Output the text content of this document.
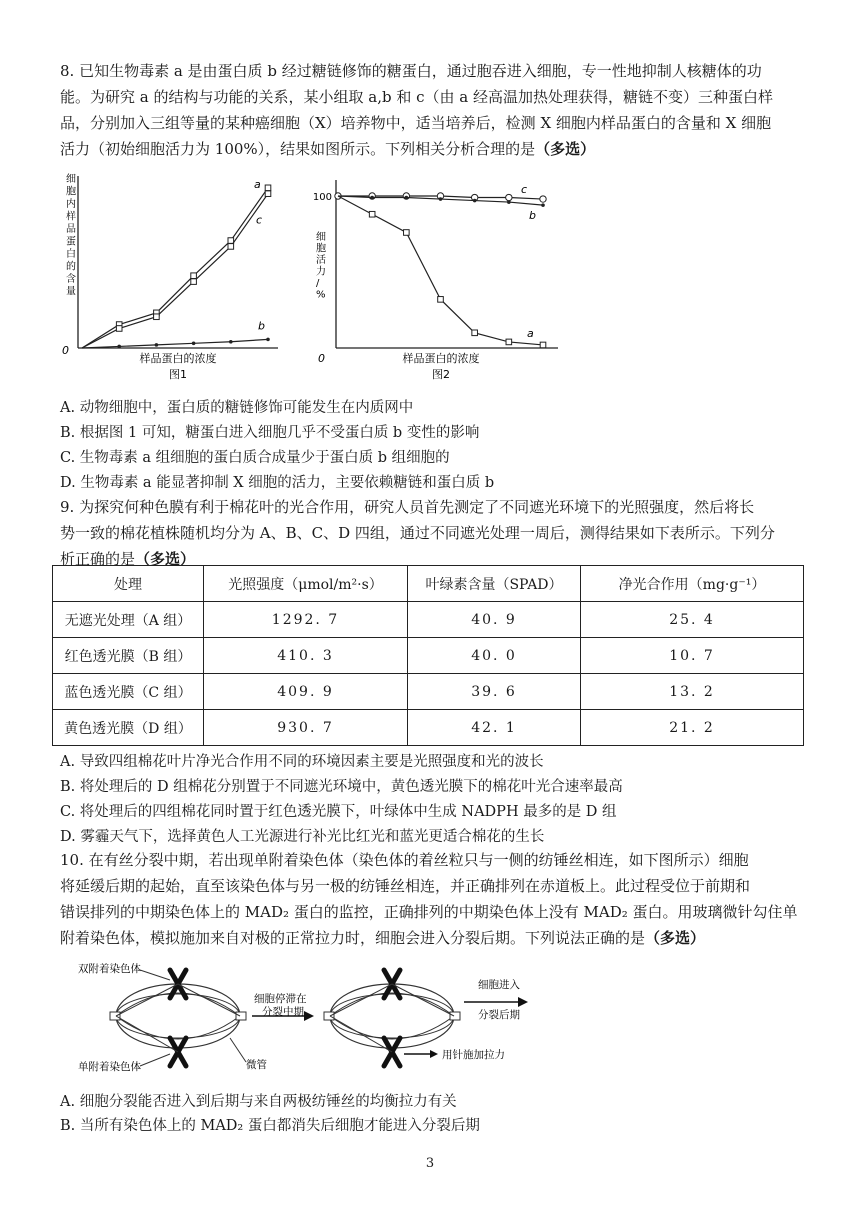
8. 已知生物毒素 a 是由蛋白质 b 经过糖链修饰的糖蛋白，通过胞吞进入细胞，专一性地抑制人核糖体的功
能。为研究 a 的结构与功能的关系，某小组取 a,b 和 c（由 a 经高温加热处理获得，糖链不变）三种蛋白样
品，分别加入三组等量的某种癌细胞（X）培养物中，适当培养后，检测 X 细胞内样品蛋白的含量和 X 细胞
活力（初始细胞活力为 100%），结果如图所示。下列相关分析合理的是（多选）

0
细胞内样品蛋白的含量
样品蛋白的浓度
图1
a
c
b
100
0
细胞活力/ %
样品蛋白的浓度
图2
c
b
a

A. 动物细胞中，蛋白质的糖链修饰可能发生在内质网中

B. 根据图 1 可知，糖蛋白进入细胞几乎不受蛋白质 b 变性的影响

C. 生物毒素 a 组细胞的蛋白质合成量少于蛋白质 b 组细胞的

D. 生物毒素 a 能显著抑制 X 细胞的活力，主要依赖糖链和蛋白质 b

9. 为探究何种色膜有利于棉花叶的光合作用，研究人员首先测定了不同遮光环境下的光照强度，然后将长
势一致的棉花植株随机均分为 A、B、C、D 四组，通过不同遮光处理一周后，测得结果如下表所示。下列分
析正确的是（多选）

处理	光照强度（μmol/m²·s）	叶绿素含量（SPAD）	净光合作用（mg·g⁻¹）
无遮光处理（A 组）	1292. 7	40. 9	25. 4
红色透光膜（B 组）	410. 3	40. 0	10. 7
蓝色透光膜（C 组）	409. 9	39. 6	13. 2
黄色透光膜（D 组）	930. 7	42. 1	21. 2

A. 导致四组棉花叶片净光合作用不同的环境因素主要是光照强度和光的波长

B. 将处理后的 D 组棉花分别置于不同遮光环境中，黄色透光膜下的棉花叶光合速率最高

C. 将处理后的四组棉花同时置于红色透光膜下，叶绿体中生成 NADPH 最多的是 D 组

D. 雾霾天气下，选择黄色人工光源进行补光比红光和蓝光更适合棉花的生长

10. 在有丝分裂中期，若出现单附着染色体（染色体的着丝粒只与一侧的纺锤丝相连，如下图所示）细胞
将延缓后期的起始，直至该染色体与另一极的纺锤丝相连，并正确排列在赤道板上。此过程受位于前期和
错误排列的中期染色体上的 MAD₂ 蛋白的监控，正确排列的中期染色体上没有 MAD₂ 蛋白。用玻璃微针勾住单
附着染色体，模拟施加来自对极的正常拉力时，细胞会进入分裂后期。下列说法正确的是（多选）

双附着染色体
单附着染色体	微管
细胞停滞在分裂中期
用针施加拉力
细胞进入分裂后期

A. 细胞分裂能否进入到后期与来自两极纺锤丝的均衡拉力有关

B. 当所有染色体上的 MAD₂ 蛋白都消失后细胞才能进入分裂后期

3
